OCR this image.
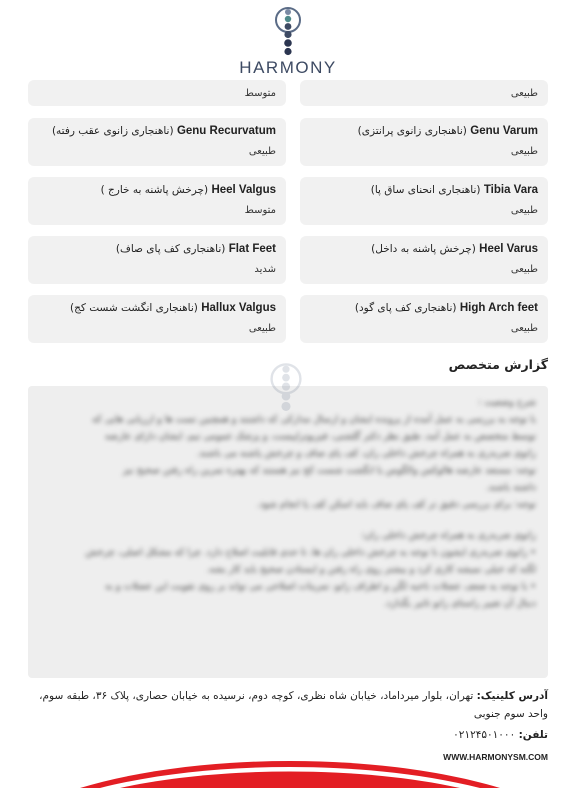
HARMONY
متوسط	طبیعی
Genu Recurvatum (ناهنجاری زانوی عقب رفته)
طبیعی
Genu Varum (ناهنجاری زانوی پرانتزی)
طبیعی
Heel Valgus (چرخش پاشنه به خارج )
متوسط
Tibia Vara (ناهنجاری انحنای ساق پا)
طبیعی
Flat Feet (ناهنجاری کف پای صاف)
شدید
Heel Varus (چرخش پاشنه به داخل)
طبیعی
Hallux Valgus (ناهنجاری انگشت شست کج)
طبیعی
High Arch feet (ناهنجاری کف پای گود)
طبیعی
گزارش متخصص

شرح وضعیت :

با توجه به بررسی به عمل آمده از پرونده ایشان و ارسال مدارکی که داشتند و همچنین تست ها و ارزیابی هایی که

توسط متخصص به عمل آمد، طبق نظر دکتر گلشنی، فیزیوتراپیست، و پزشک عمومی تیم، ایشان دارای عارضه

زانوی ضربدری به همراه چرخش داخلی ران، کف پای صاف و چرخش پاشنه می باشند.

توجه: مستعد عارضه هالوکس والگوس یا انگشت شست کج نیز هستند که بهتره تمرین راه رفتن صحیح نیز

داشته باشند.

توجه: برای بررسی دقیق تر کف پای صاف باید اسکن کف پا انجام شود.

زانوی ضربدری به همراه چرخش داخلی ران:

• زانوی ضربدری ایشون با توجه به چرخش داخلی ران ها، تا حدی قابلیت اصلاح دارد. چرا که مشکل اصلی، چرخش

لگنه که خیلی نمیشه کاری کرد و بیشتر روی راه رفتن و ایستادن صحیح باید کار بشه.

• با توجه به ضعف عضلات ناحیه لگن و اطراف زانو، تمرینات اصلاحی می تواند بر روی تقویت این عضلات و به

دنبال آن تغییر راستای زانو تاثیر بگذارد.

آدرس کلینیک: تهران، بلوار میرداماد، خیابان شاه نظری، کوچه دوم، نرسیده به خیابان حصاری، پلاک ۳۶، طبقه سوم، واحد سوم جنوبی
تلفن: ۰۲۱۲۴۵۰۱۰۰۰
WWW.HARMONYSM.COM
